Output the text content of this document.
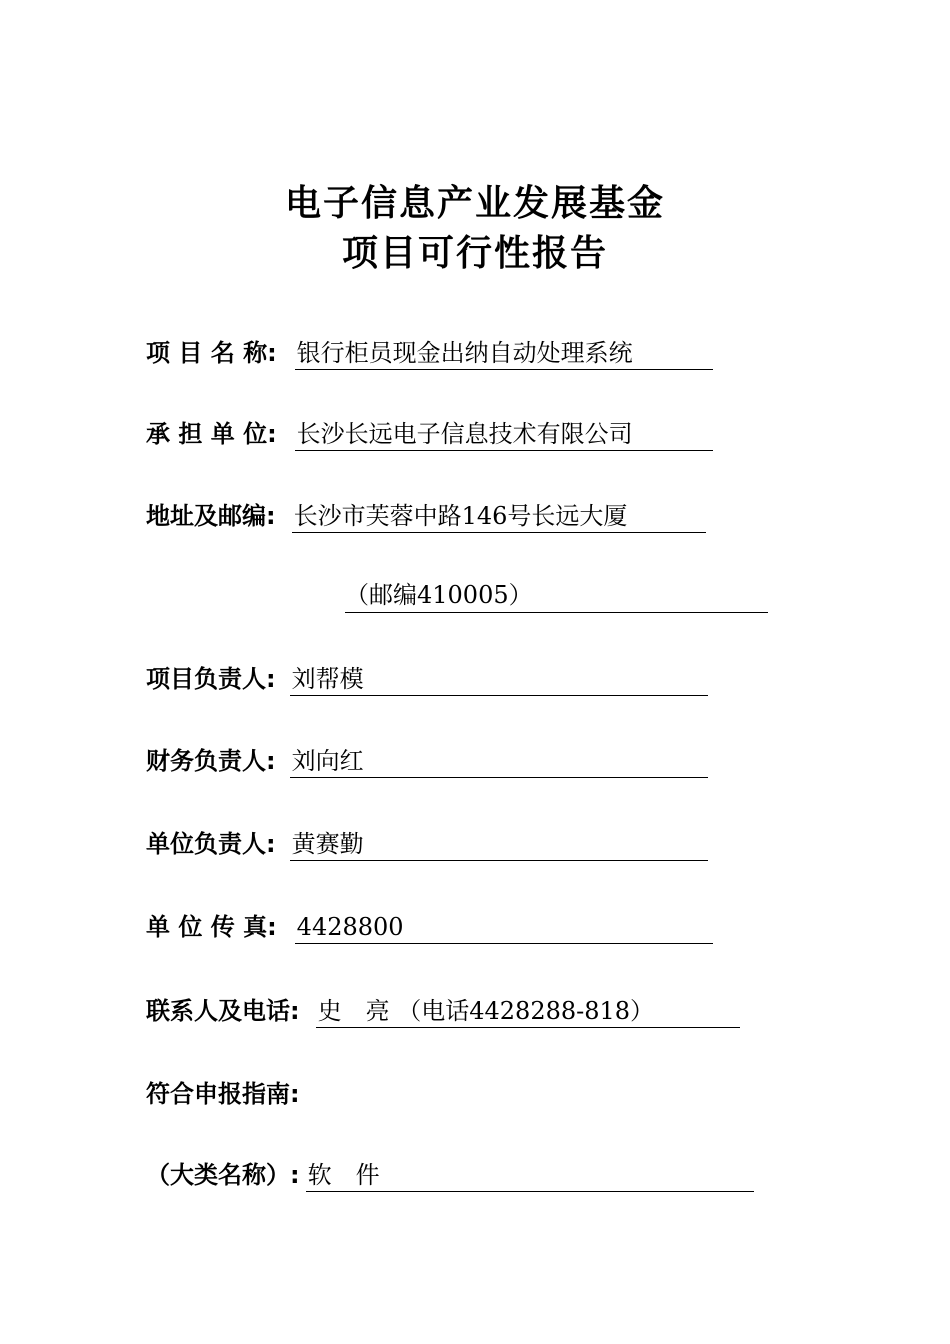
电子信息产业发展基金
项目可行性报告
项 目 名 称: 银行柜员现金出纳自动处理系统
承 担 单 位: 长沙长远电子信息技术有限公司
地址及邮编: 长沙市芙蓉中路146号长远大厦
（邮编410005）
项目负责人: 刘帮模
财务负责人: 刘向红
单位负责人: 黄赛勤
单 位 传 真: 4428800
联系人及电话: 史　亮 （电话4428288-818）
符合申报指南:
（大类名称）: 软　件
